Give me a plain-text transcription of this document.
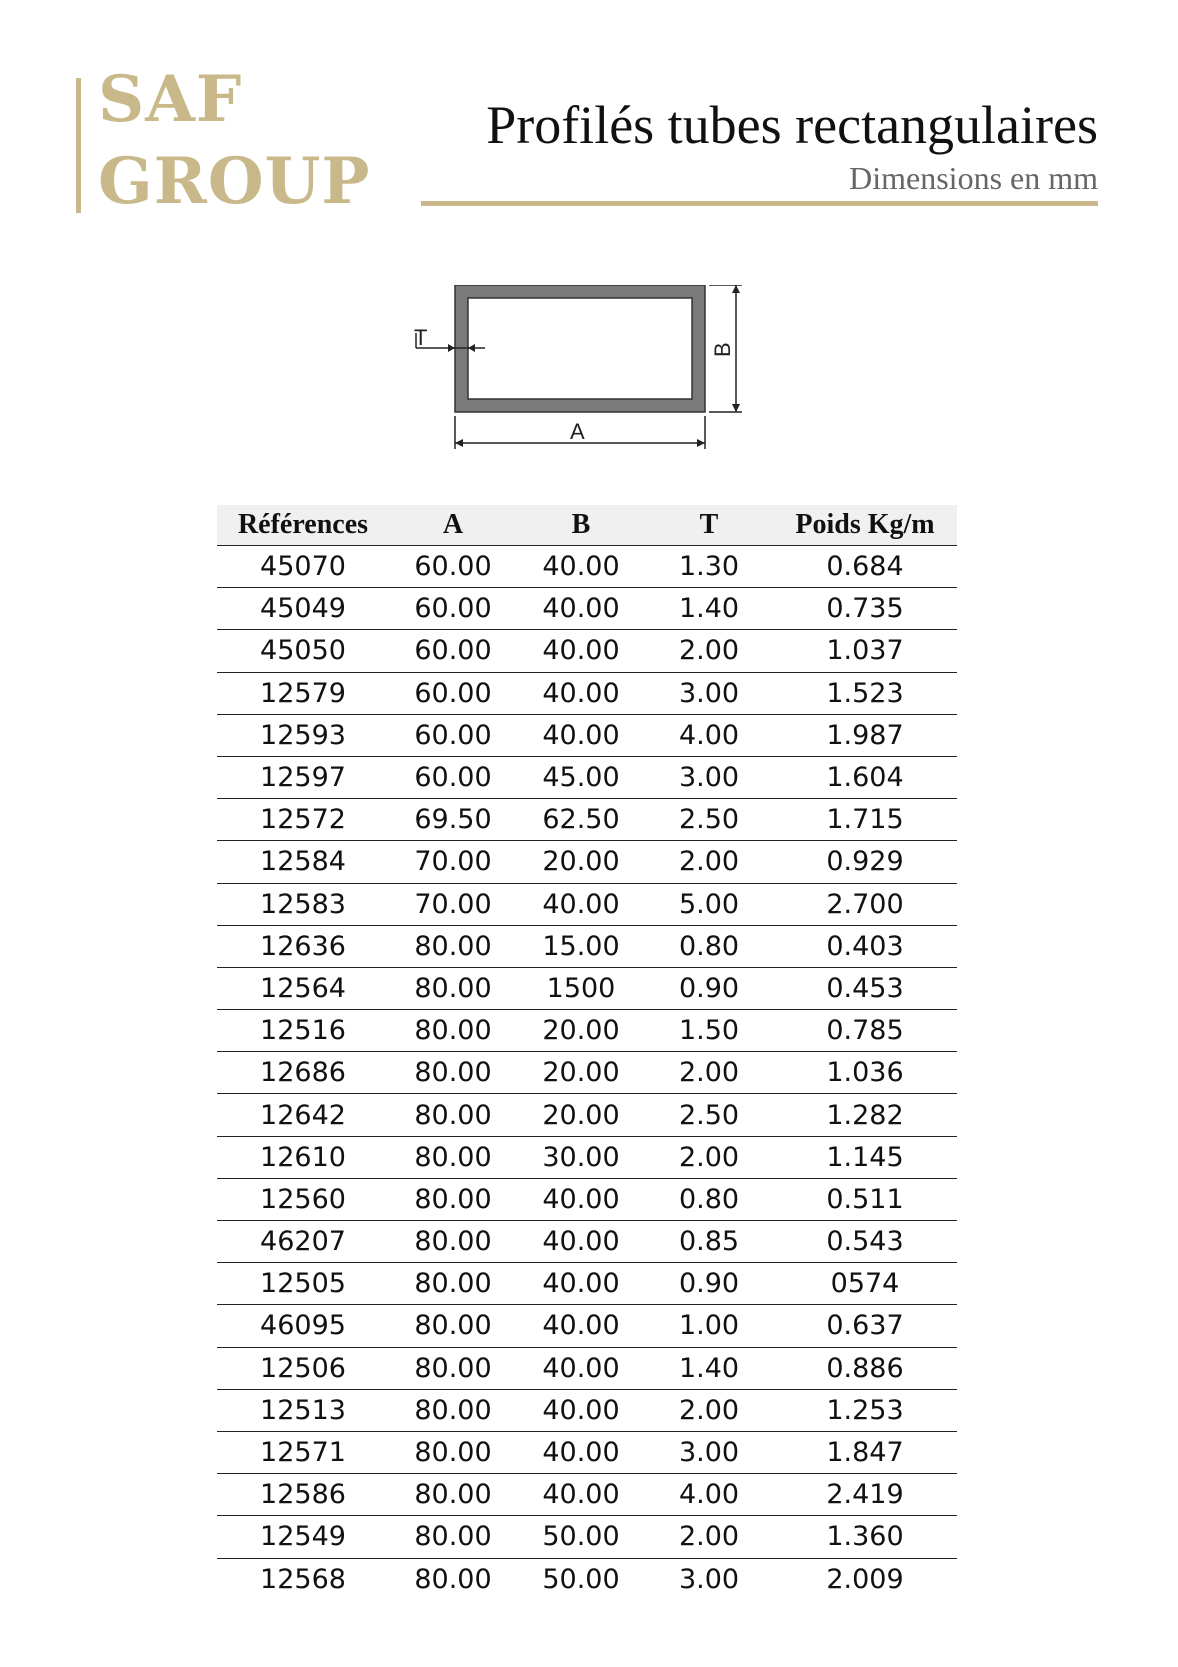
SAF
GROUP
Profilés tubes rectangulaires
Dimensions en mm
T	B
A
Références	A	B	T	Poids Kg/m
45070	60.00	40.00	1.30	0.684
45049	60.00	40.00	1.40	0.735
45050	60.00	40.00	2.00	1.037
12579	60.00	40.00	3.00	1.523
12593	60.00	40.00	4.00	1.987
12597	60.00	45.00	3.00	1.604
12572	69.50	62.50	2.50	1.715
12584	70.00	20.00	2.00	0.929
12583	70.00	40.00	5.00	2.700
12636	80.00	15.00	0.80	0.403
12564	80.00	1500	0.90	0.453
12516	80.00	20.00	1.50	0.785
12686	80.00	20.00	2.00	1.036
12642	80.00	20.00	2.50	1.282
12610	80.00	30.00	2.00	1.145
12560	80.00	40.00	0.80	0.511
46207	80.00	40.00	0.85	0.543
12505	80.00	40.00	0.90	0574
46095	80.00	40.00	1.00	0.637
12506	80.00	40.00	1.40	0.886
12513	80.00	40.00	2.00	1.253
12571	80.00	40.00	3.00	1.847
12586	80.00	40.00	4.00	2.419
12549	80.00	50.00	2.00	1.360
12568	80.00	50.00	3.00	2.009
